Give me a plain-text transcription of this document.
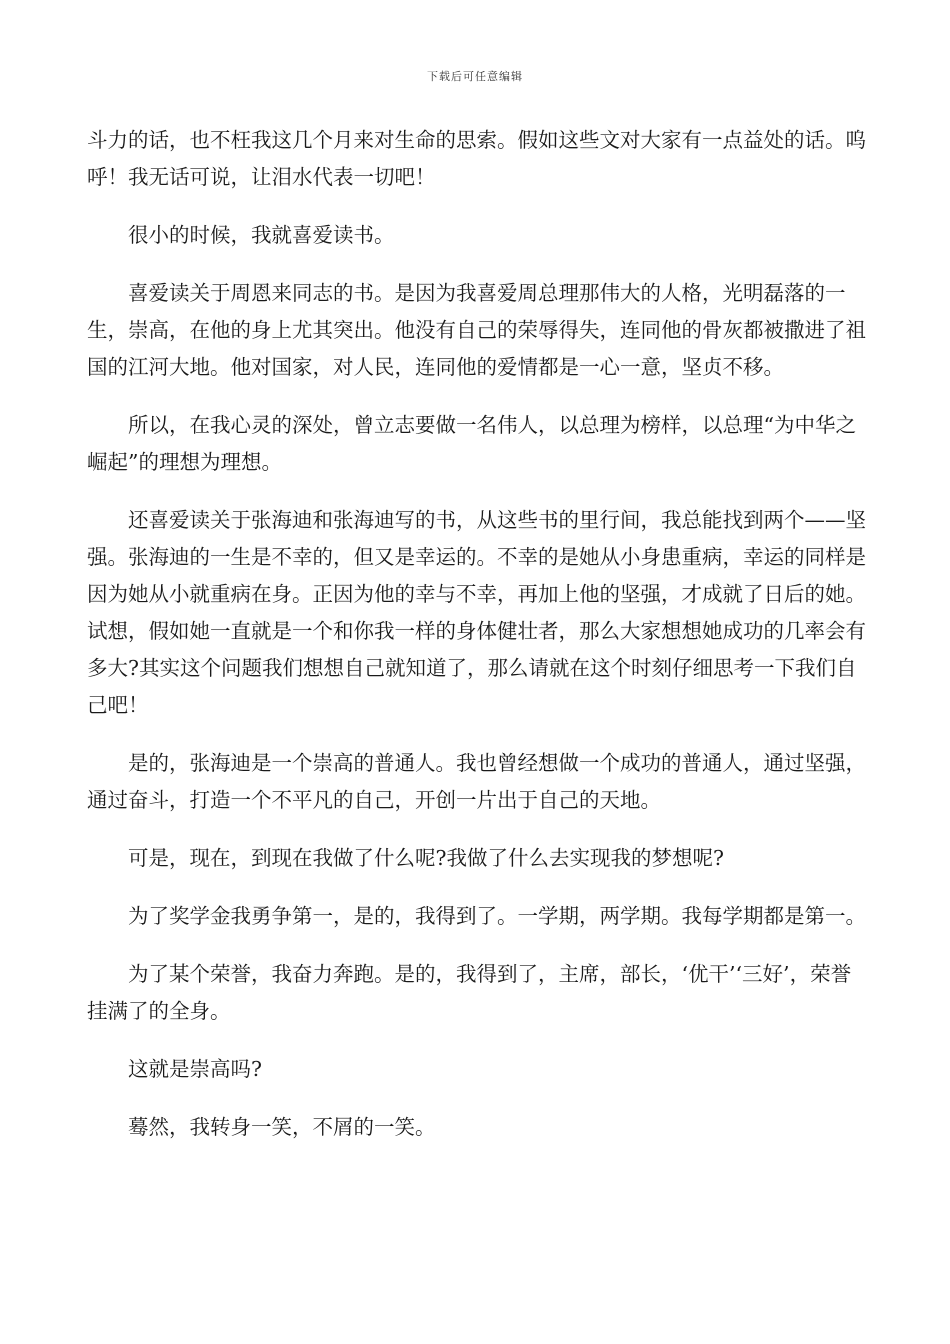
下载后可任意编辑

斗力的话，也不枉我这几个月来对生命的思索。假如这些文对大家有一点益处的话。呜呼！我无话可说，让泪水代表一切吧！

很小的时候，我就喜爱读书。

喜爱读关于周恩来同志的书。是因为我喜爱周总理那伟大的人格，光明磊落的一生，崇高，在他的身上尤其突出。他没有自己的荣辱得失，连同他的骨灰都被撒进了祖国的江河大地。他对国家，对人民，连同他的爱情都是一心一意，坚贞不移。

所以，在我心灵的深处，曾立志要做一名伟人，以总理为榜样，以总理“为中华之崛起”的理想为理想。

还喜爱读关于张海迪和张海迪写的书，从这些书的里行间，我总能找到两个——坚强。张海迪的一生是不幸的，但又是幸运的。不幸的是她从小身患重病，幸运的同样是因为她从小就重病在身。正因为他的幸与不幸，再加上他的坚强，才成就了日后的她。试想，假如她一直就是一个和你我一样的身体健壮者，那么大家想想她成功的几率会有多大?其实这个问题我们想想自己就知道了，那么请就在这个时刻仔细思考一下我们自己吧！

是的，张海迪是一个崇高的普通人。我也曾经想做一个成功的普通人，通过坚强，通过奋斗，打造一个不平凡的自己，开创一片出于自己的天地。

可是，现在，到现在我做了什么呢?我做了什么去实现我的梦想呢?

为了奖学金我勇争第一，是的，我得到了。一学期，两学期。我每学期都是第一。

为了某个荣誉，我奋力奔跑。是的，我得到了，主席，部长，‘优干’‘三好’，荣誉挂满了的全身。

这就是崇高吗?

蓦然，我转身一笑，不屑的一笑。
